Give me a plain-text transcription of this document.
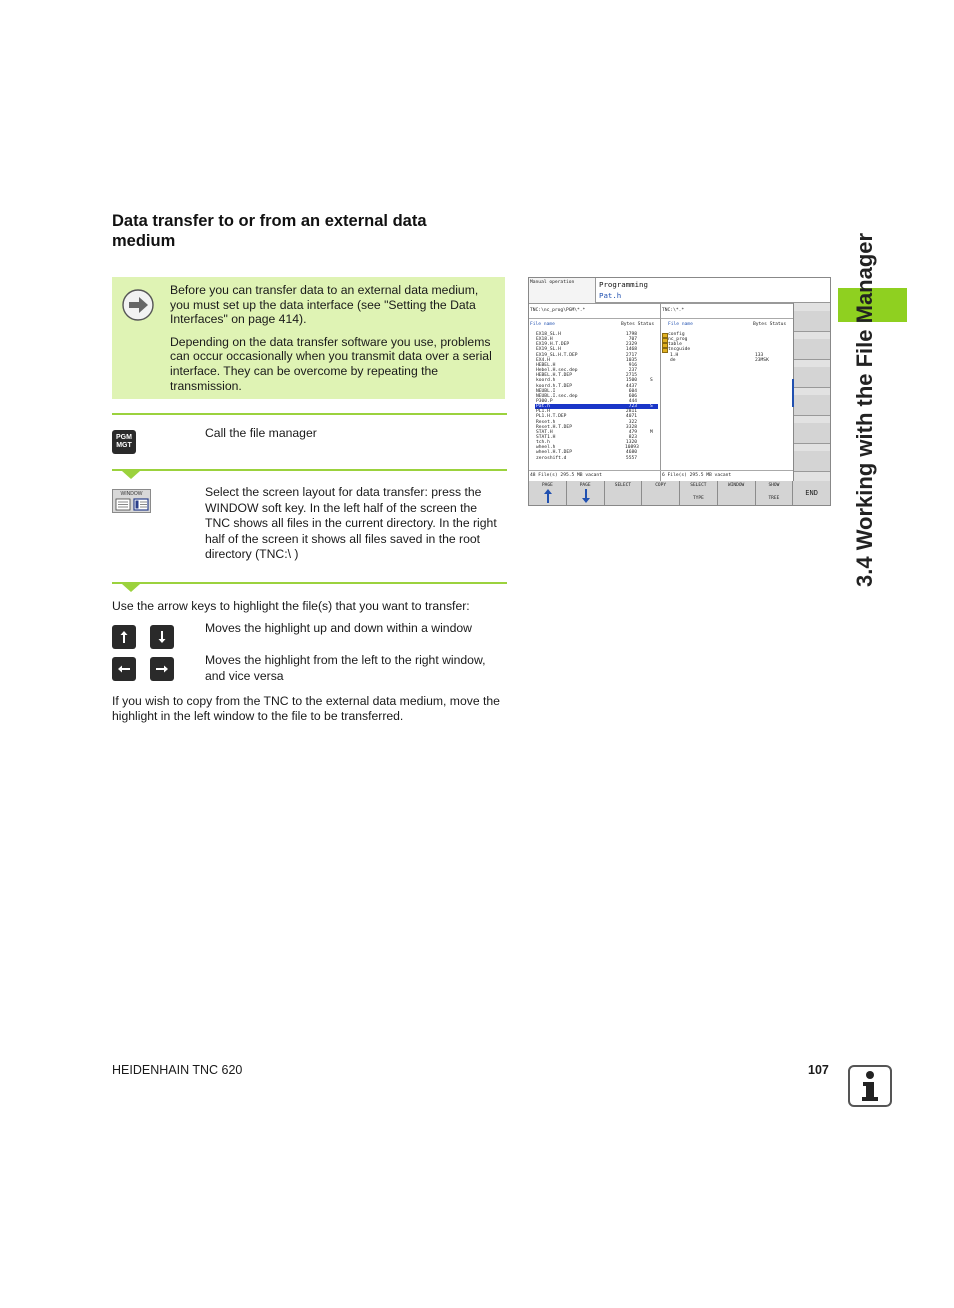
Data transfer to or from an external data medium

Before you can transfer data to an external data medium, you must set up the data interface (see "Setting the Data Interfaces" on page 414).

Depending on the data transfer software you use, problems can occur occasionally when you transmit data over a serial interface. They can be overcome by repeating the transmission.

PGM
MGT
Call the file manager
WINDOW	Select the screen layout for data transfer: press the WINDOW soft key. In the left half of the screen the TNC shows all files in the current directory. In the right half of the screen it shows all files saved in the root directory (TNC:\ )
Use the arrow keys to highlight the file(s) that you want to transfer:
Moves the highlight up and down within a window
Moves the highlight from the left to the right window, and vice versa
If you wish to copy from the TNC to the external data medium, move the highlight in the left window to the file to be transferred.
Manual operation	Programming
Pat.h
TNC:\nc_prog\PGM\*.*	TNC:\*.*
File name	Bytes Status	File name	Bytes Status
EX18_SL.H	1798
EX18.H	707
EX19.H.T.DEP	2329
EX19_SL.H	1468
EX19_SL.H.T.DEP	2717
EX4.H	1035
HEBEL.H	916
Hebel.H.sec.dep	237
HEBEL.H.T.DEP	2715
koord.h	1500	S
koord.h.T.DEP	4437
NEUBL.I	604
NEUBL.I.sec.dep	606
P300.P	444
Pat.h	723	S
PL1.H	2811
PL1.H.T.DEP	4071
Reset.h	322
Reset.H.T.DEP	3328
STAT.H	479	M
STAT1.H	823
tch.h	1320
wheel.h	10893
wheel.H.T.DEP	4680
zeroshift.d	5557
config
nc_prog
table
tncguide
1.H	133
de	23MSK
48 File(s) 295.5 MB vacant	6 File(s) 295.5 MB vacant
PAGE	PAGE	SELECT	COPY	SELECT
TYPE
WINDOW	SHOW
TREE
END	3.4 Working with the File Manager
HEIDENHAIN TNC 620	107
